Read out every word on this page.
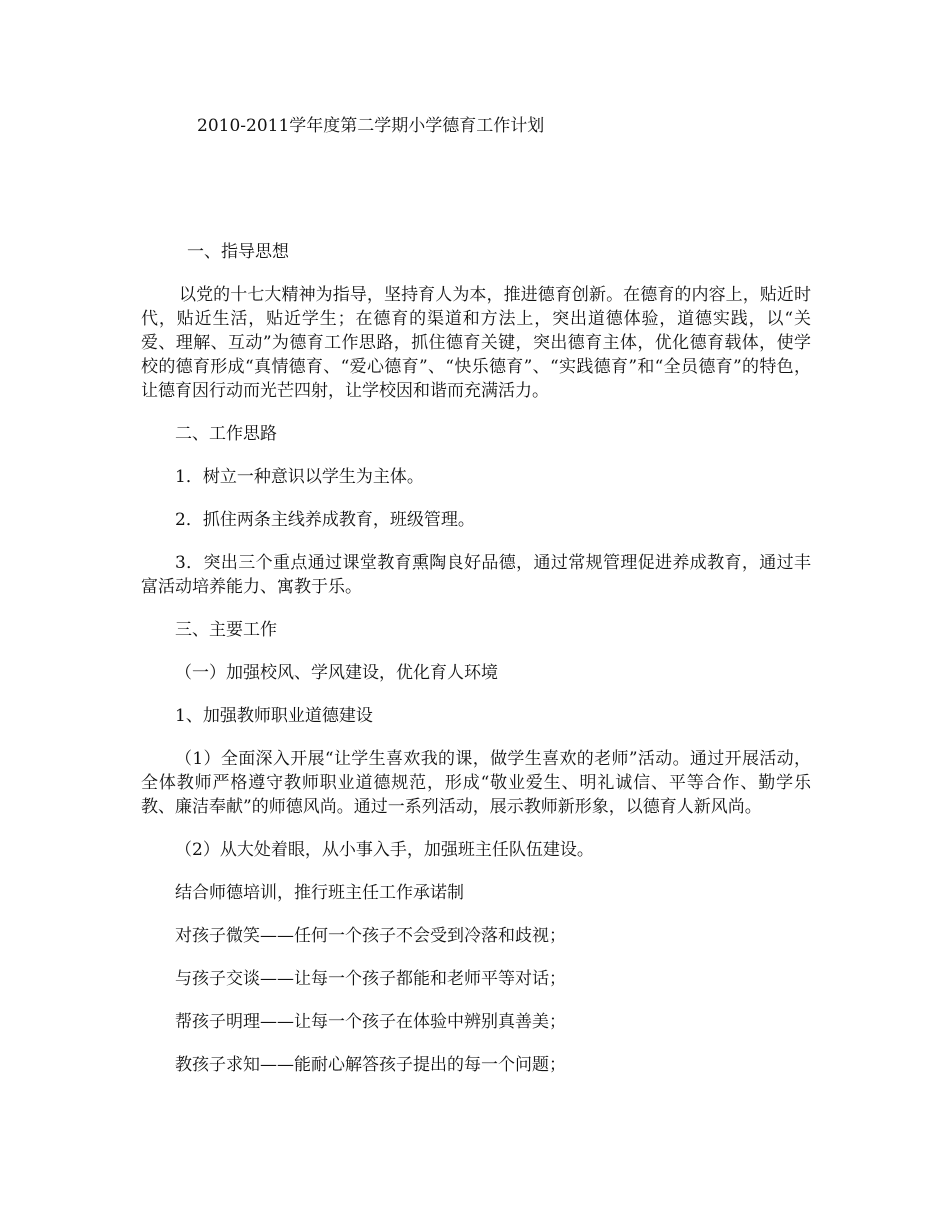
2010-2011学年度第二学期小学德育工作计划

一、指导思想

以党的十七大精神为指导，坚持育人为本，推进德育创新。在德育的内容上，贴近时代，贴近生活，贴近学生；在德育的渠道和方法上，突出道德体验，道德实践，以“关爱、理解、互动”为德育工作思路，抓住德育关键，突出德育主体，优化德育载体，使学校的德育形成“真情德育、“爱心德育”、“快乐德育”、“实践德育”和“全员德育”的特色，让德育因行动而光芒四射，让学校因和谐而充满活力。

二、工作思路

1．树立一种意识以学生为主体。

2．抓住两条主线养成教育，班级管理。

3．突出三个重点通过课堂教育熏陶良好品德，通过常规管理促进养成教育，通过丰富活动培养能力、寓教于乐。

三、主要工作

（一）加强校风、学风建设，优化育人环境

1、加强教师职业道德建设

（1）全面深入开展“让学生喜欢我的课，做学生喜欢的老师”活动。通过开展活动，全体教师严格遵守教师职业道德规范，形成“敬业爱生、明礼诚信、平等合作、勤学乐教、廉洁奉献”的师德风尚。通过一系列活动，展示教师新形象，以德育人新风尚。

（2）从大处着眼，从小事入手，加强班主任队伍建设。

结合师德培训，推行班主任工作承诺制

对孩子微笑——任何一个孩子不会受到冷落和歧视；

与孩子交谈——让每一个孩子都能和老师平等对话；

帮孩子明理——让每一个孩子在体验中辨别真善美；

教孩子求知——能耐心解答孩子提出的每一个问题；
